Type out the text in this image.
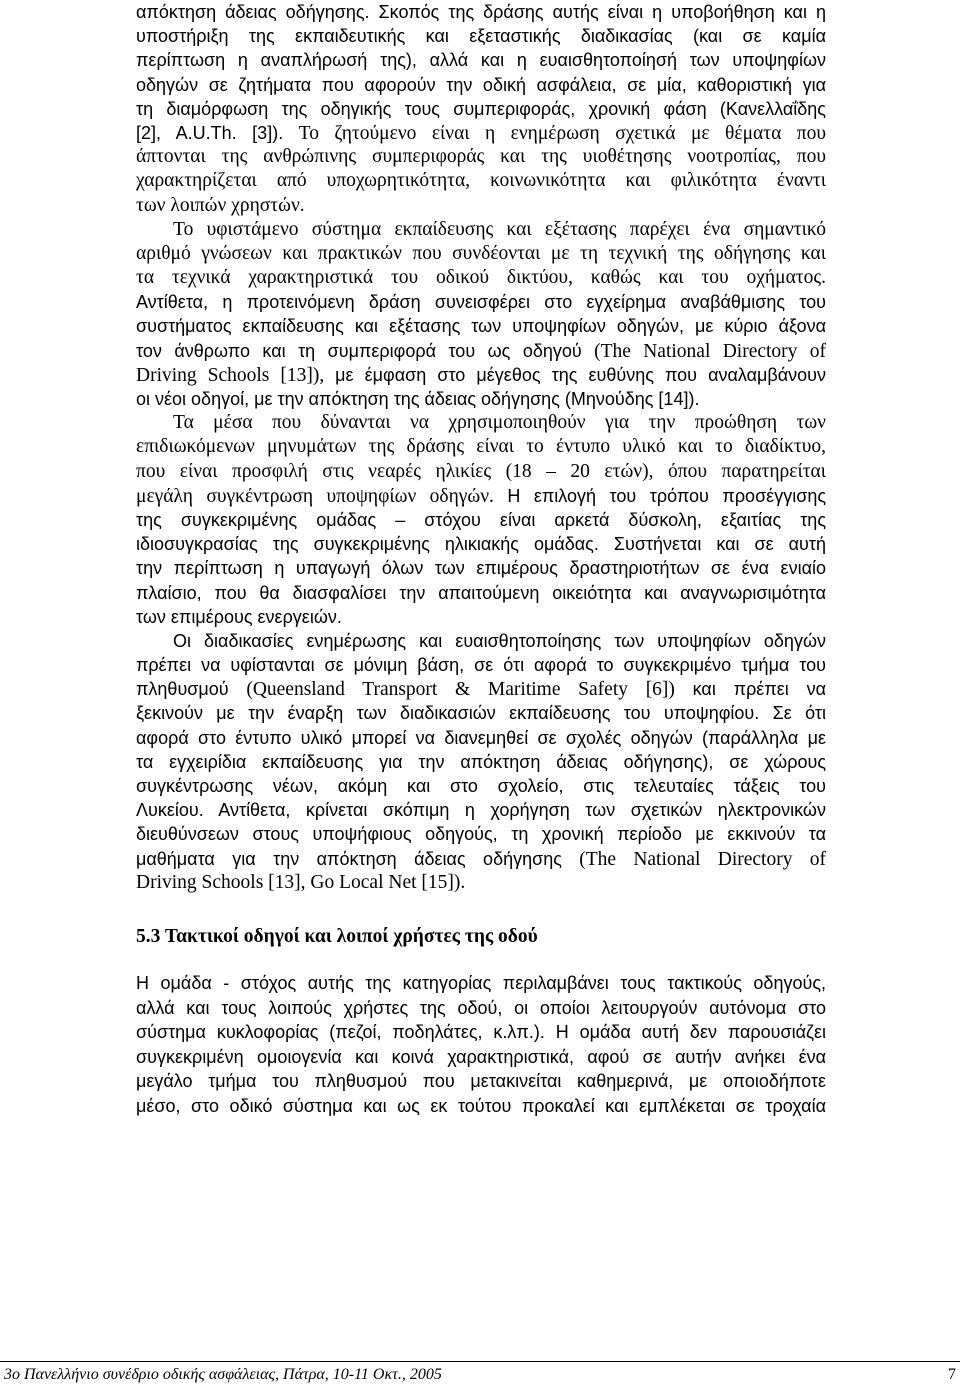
απόκτηση άδειας οδήγησης. Σκοπός της δράσης αυτής είναι η υποβοήθηση και η
υποστήριξη της εκπαιδευτικής και εξεταστικής διαδικασίας (και σε καμία
περίπτωση η αναπλήρωσή της), αλλά και η ευαισθητοποίησή των υποψηφίων
οδηγών σε ζητήματα που αφορούν την οδική ασφάλεια, σε μία, καθοριστική για
τη διαμόρφωση της οδηγικής τους συμπεριφοράς, χρονική φάση (Κανελλαΐδης
[2], A.U.Th. [3]). Το ζητούμενο είναι η ενημέρωση σχετικά με θέματα που
άπτονται της ανθρώπινης συμπεριφοράς και της υιοθέτησης νοοτροπίας, που
χαρακτηρίζεται από υποχωρητικότητα, κοινωνικότητα και φιλικότητα έναντι
των λοιπών χρηστών.
Το υφιστάμενο σύστημα εκπαίδευσης και εξέτασης παρέχει ένα σημαντικό
αριθμό γνώσεων και πρακτικών που συνδέονται με τη τεχνική της οδήγησης και
τα τεχνικά χαρακτηριστικά του οδικού δικτύου, καθώς και του οχήματος.
Αντίθετα, η προτεινόμενη δράση συνεισφέρει στο εγχείρημα αναβάθμισης του
συστήματος εκπαίδευσης και εξέτασης των υποψηφίων οδηγών, με κύριο άξονα
τον άνθρωπο και τη συμπεριφορά του ως οδηγού (The National Directory of
Driving Schools [13]), με έμφαση στο μέγεθος της ευθύνης που αναλαμβάνουν
οι νέοι οδηγοί, με την απόκτηση της άδειας οδήγησης (Μηνούδης [14]).
Τα μέσα που δύνανται να χρησιμοποιηθούν για την προώθηση των
επιδιωκόμενων μηνυμάτων της δράσης είναι το έντυπο υλικό και το διαδίκτυο,
που είναι προσφιλή στις νεαρές ηλικίες (18 – 20 ετών), όπου παρατηρείται
μεγάλη συγκέντρωση υποψηφίων οδηγών. Η επιλογή του τρόπου προσέγγισης
της συγκεκριμένης ομάδας – στόχου είναι αρκετά δύσκολη, εξαιτίας της
ιδιοσυγκρασίας της συγκεκριμένης ηλικιακής ομάδας. Συστήνεται και σε αυτή
την περίπτωση η υπαγωγή όλων των επιμέρους δραστηριοτήτων σε ένα ενιαίο
πλαίσιο, που θα διασφαλίσει την απαιτούμενη οικειότητα και αναγνωρισιμότητα
των επιμέρους ενεργειών.
Οι διαδικασίες ενημέρωσης και ευαισθητοποίησης των υποψηφίων οδηγών
πρέπει να υφίστανται σε μόνιμη βάση, σε ότι αφορά το συγκεκριμένο τμήμα του
πληθυσμού (Queensland Transport & Maritime Safety [6]) και πρέπει να
ξεκινούν με την έναρξη των διαδικασιών εκπαίδευσης του υποψηφίου. Σε ότι
αφορά στο έντυπο υλικό μπορεί να διανεμηθεί σε σχολές οδηγών (παράλληλα με
τα εγχειρίδια εκπαίδευσης για την απόκτηση άδειας οδήγησης), σε χώρους
συγκέντρωσης νέων, ακόμη και στο σχολείο, στις τελευταίες τάξεις του
Λυκείου. Αντίθετα, κρίνεται σκόπιμη η χορήγηση των σχετικών ηλεκτρονικών
διευθύνσεων στους υποψήφιους οδηγούς, τη χρονική περίοδο με εκκινούν τα
μαθήματα για την απόκτηση άδειας οδήγησης (The National Directory of
Driving Schools [13], Go Local Net [15]).
5.3 Τακτικοί οδηγοί και λοιποί χρήστες της οδού
Η ομάδα - στόχος αυτής της κατηγορίας περιλαμβάνει τους τακτικούς οδηγούς,
αλλά και τους λοιπούς χρήστες της οδού, οι οποίοι λειτουργούν αυτόνομα στο
σύστημα κυκλοφορίας (πεζοί, ποδηλάτες, κ.λπ.). Η ομάδα αυτή δεν παρουσιάζει
συγκεκριμένη ομοιογενία και κοινά χαρακτηριστικά, αφού σε αυτήν ανήκει ένα
μεγάλο τμήμα του πληθυσμού που μετακινείται καθημερινά, με οποιοδήποτε
μέσο, στο οδικό σύστημα και ως εκ τούτου προκαλεί και εμπλέκεται σε τροχαία
3ο Πανελλήνιο συνέδριο οδικής ασφάλειας, Πάτρα, 10-11 Οκτ., 2005	7
